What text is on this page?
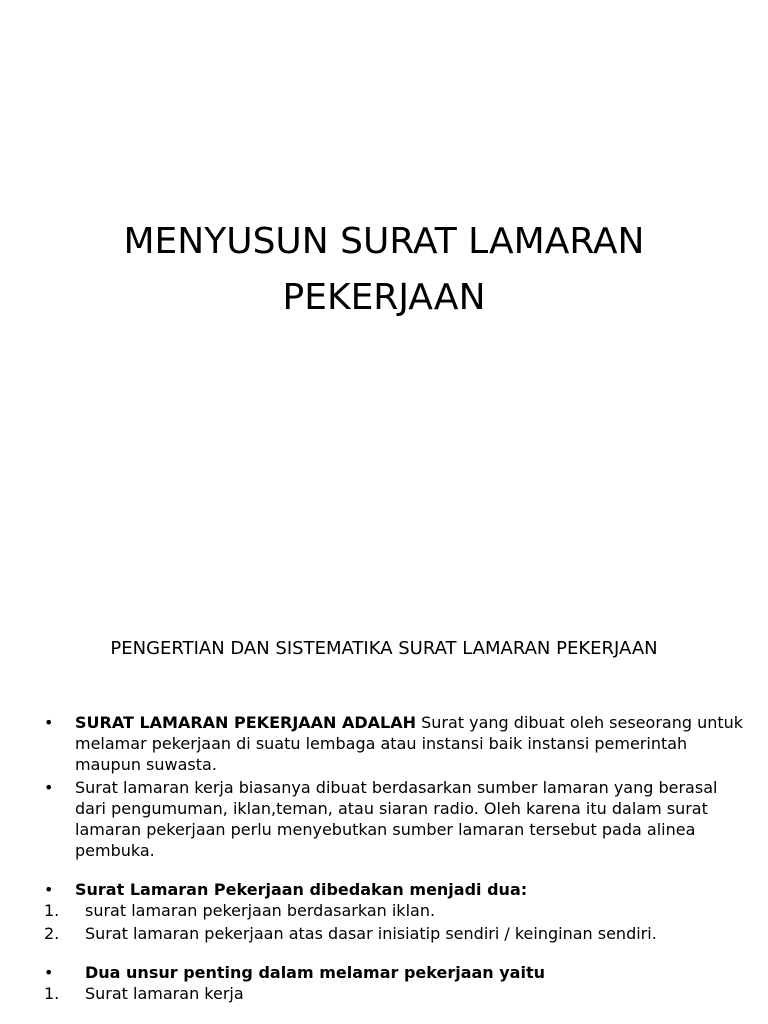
MENYUSUN SURAT LAMARAN
PEKERJAAN
PENGERTIAN DAN SISTEMATIKA SURAT LAMARAN PEKERJAAN
• SURAT LAMARAN PEKERJAAN ADALAH Surat yang dibuat oleh seseorang untuk melamar pekerjaan di suatu lembaga atau instansi baik instansi pemerintah maupun suwasta.
• Surat lamaran kerja biasanya dibuat berdasarkan sumber lamaran yang berasal dari pengumuman, iklan,teman, atau siaran radio. Oleh karena itu dalam surat lamaran pekerjaan perlu menyebutkan sumber lamaran tersebut pada alinea pembuka.
• Surat Lamaran Pekerjaan dibedakan menjadi dua:
1. surat lamaran pekerjaan berdasarkan iklan.
2. Surat lamaran pekerjaan atas dasar inisiatip sendiri / keinginan sendiri.
• Dua unsur penting dalam melamar pekerjaan yaitu
1. Surat lamaran kerja
